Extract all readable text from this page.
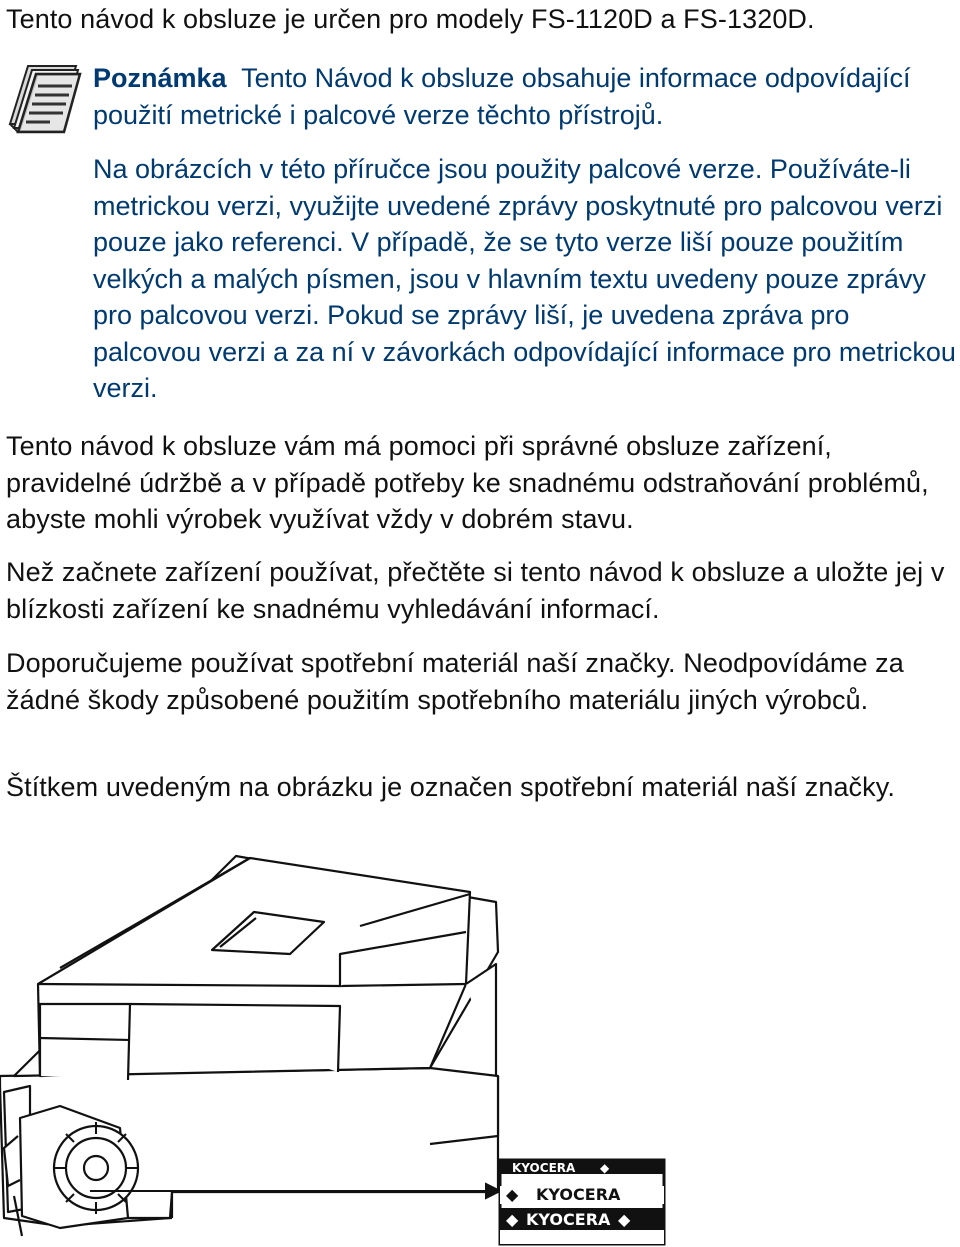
Tento návod k obsluze je určen pro modely FS-1120D a FS-1320D.

Poznámka Tento Návod k obsluze obsahuje informace odpovídající použití metrické i palcové verze těchto přístrojů.

Na obrázcích v této příručce jsou použity palcové verze. Používáte-li metrickou verzi, využijte uvedené zprávy poskytnuté pro palcovou verzi pouze jako referenci. V případě, že se tyto verze liší pouze použitím velkých a malých písmen, jsou v hlavním textu uvedeny pouze zprávy pro palcovou verzi. Pokud se zprávy liší, je uvedena zpráva pro palcovou verzi a za ní v závorkách odpovídající informace pro metrickou verzi.

Tento návod k obsluze vám má pomoci při správné obsluze zařízení, pravidelné údržbě a v případě potřeby ke snadnému odstraňování problémů, abyste mohli výrobek využívat vždy v dobrém stavu.

Než začnete zařízení používat, přečtěte si tento návod k obsluze a uložte jej v blízkosti zařízení ke snadnému vyhledávání informací.

Doporučujeme používat spotřební materiál naší značky. Neodpovídáme za žádné škody způsobené použitím spotřebního materiálu jiných výrobců.

Štítkem uvedeným na obrázku je označen spotřební materiál naší značky.

KYOCERA ◆
KYOCERA
◆
KYOCERA
◆	◆
